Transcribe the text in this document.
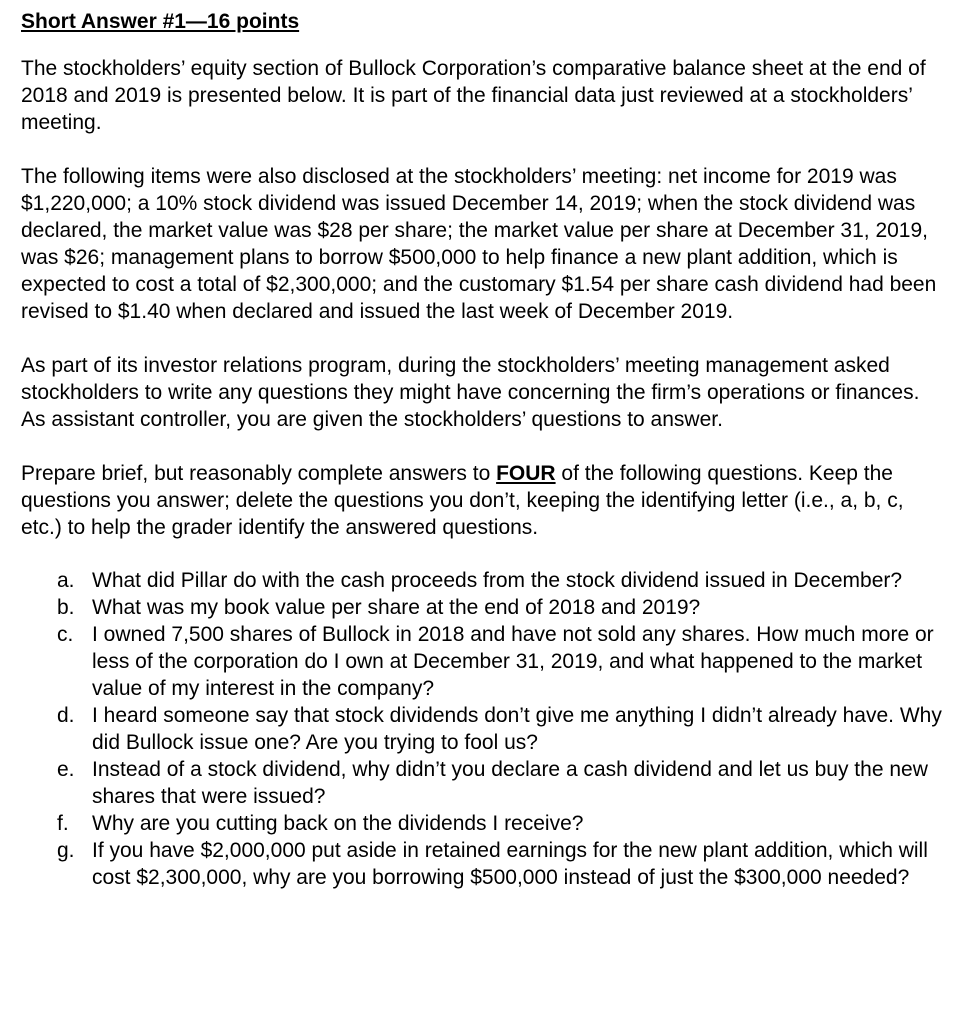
Short Answer #1—16 points

The stockholders’ equity section of Bullock Corporation’s comparative balance sheet at the end of 2018 and 2019 is presented below. It is part of the financial data just reviewed at a stockholders’ meeting.

The following items were also disclosed at the stockholders’ meeting: net income for 2019 was $1,220,000; a 10% stock dividend was issued December 14, 2019; when the stock dividend was declared, the market value was $28 per share; the market value per share at December 31, 2019, was $26; management plans to borrow $500,000 to help finance a new plant addition, which is expected to cost a total of $2,300,000; and the customary $1.54 per share cash dividend had been revised to $1.40 when declared and issued the last week of December 2019.

As part of its investor relations program, during the stockholders’ meeting management asked stockholders to write any questions they might have concerning the firm’s operations or finances. As assistant controller, you are given the stockholders’ questions to answer.

Prepare brief, but reasonably complete answers to FOUR of the following questions. Keep the questions you answer; delete the questions you don’t, keeping the identifying letter (i.e., a, b, c, etc.) to help the grader identify the answered questions.

a. What did Pillar do with the cash proceeds from the stock dividend issued in December?
b. What was my book value per share at the end of 2018 and 2019?
c. I owned 7,500 shares of Bullock in 2018 and have not sold any shares. How much more or less of the corporation do I own at December 31, 2019, and what happened to the market value of my interest in the company?
d. I heard someone say that stock dividends don’t give me anything I didn’t already have. Why did Bullock issue one? Are you trying to fool us?
e. Instead of a stock dividend, why didn’t you declare a cash dividend and let us buy the new shares that were issued?
f.	Why are you cutting back on the dividends I receive?
g. If you have $2,000,000 put aside in retained earnings for the new plant addition, which will cost $2,300,000, why are you borrowing $500,000 instead of just the $300,000 needed?
